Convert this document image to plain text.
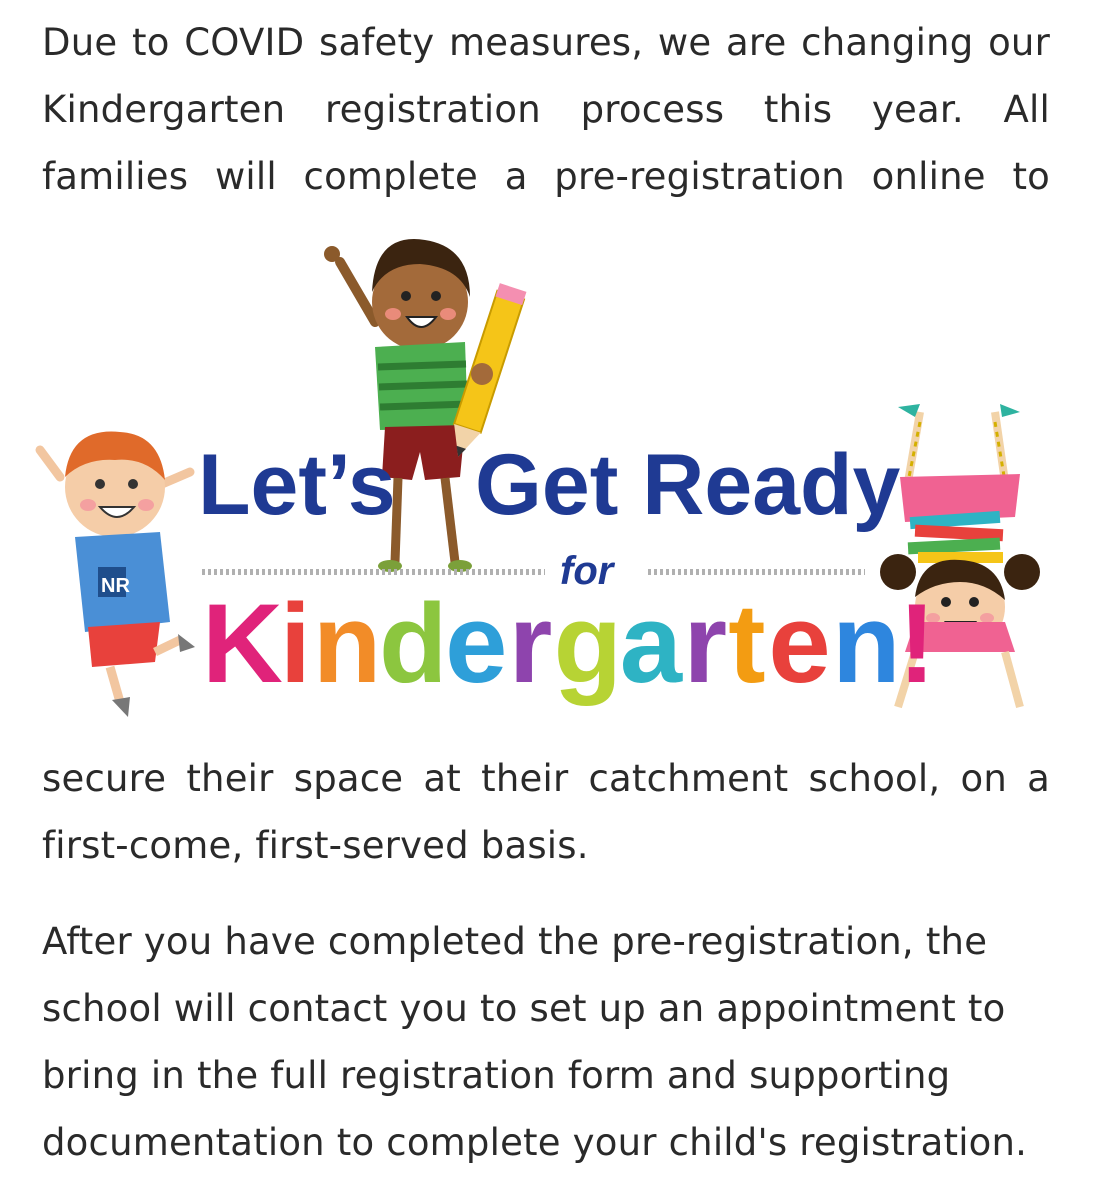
Due to COVID safety measures, we are changing our
Kindergarten registration process this year. All
families will complete a pre-registration online to
NR
Let’s Get Ready
for
K
i n
d
e r g
a r t e n
!
secure their space at their catchment school, on a
first-come, first-served basis.
After you have completed the pre-registration, the
school will contact you to set up an appointment to
bring in the full registration form and supporting
documentation to complete your child's registration.
